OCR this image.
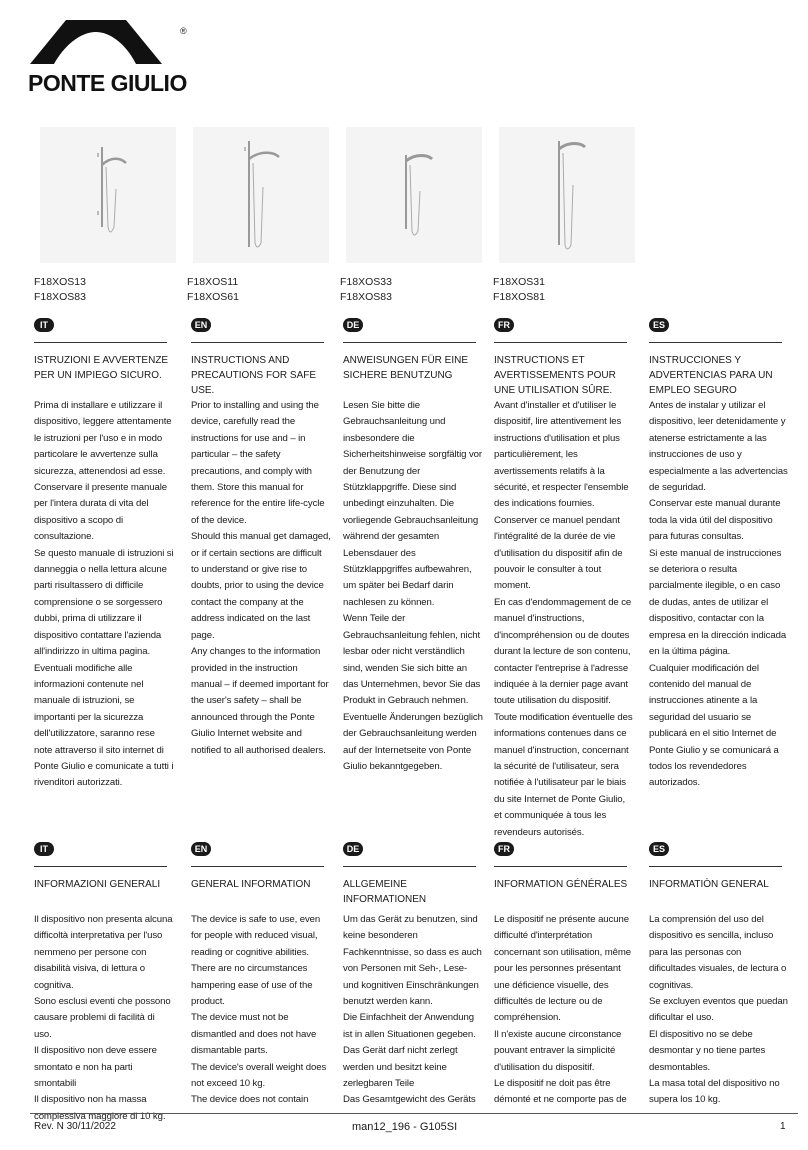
®
PONTE GIULIO
F18XOS13
F18XOS83
F18XOS11
F18XOS61
F18XOS33
F18XOS83
F18XOS31
F18XOS81
IT
ISTRUZIONI E AVVERTENZE PER UN IMPIEGO SICURO.

Prima di installare e utilizzare il dispositivo, leggere attentamente le istruzioni per l'uso e in modo particolare le avvertenze sulla sicurezza, attenendosi ad esse. Conservare il presente manuale per l'intera durata di vita del dispositivo a scopo di consultazione.

Se questo manuale di istruzioni si danneggia o nella lettura alcune parti risultassero di difficile comprensione o se sorgessero dubbi, prima di utilizzare il dispositivo contattare l'azienda all'indirizzo in ultima pagina.

Eventuali modifiche alle informazioni contenute nel manuale di istruzioni, se importanti per la sicurezza dell'utilizzatore, saranno rese note attraverso il sito internet di Ponte Giulio e comunicate a tutti i rivenditori autorizzati.

EN
INSTRUCTIONS AND PRECAUTIONS FOR SAFE USE.

Prior to installing and using the device, carefully read the instructions for use and – in particular – the safety precautions, and comply with them. Store this manual for reference for the entire life-cycle of the device.

Should this manual get damaged, or if certain sections are difficult to understand or give rise to doubts, prior to using the device contact the company at the address indicated on the last page.

Any changes to the information provided in the instruction manual – if deemed important for the user's safety – shall be announced through the Ponte Giulio Internet website and notified to all authorised dealers.

DE
ANWEISUNGEN FÜR EINE SICHERE BENUTZUNG

Lesen Sie bitte die Gebrauchsanleitung und insbesondere die Sicherheitshinweise sorgfältig vor der Benutzung der Stützklappgriffe. Diese sind unbedingt einzuhalten. Die vorliegende Gebrauchsanleitung während der gesamten Lebensdauer des Stützklappgriffes aufbewahren, um später bei Bedarf darin nachlesen zu können.

Wenn Teile der Gebrauchsanleitung fehlen, nicht lesbar oder nicht verständlich sind, wenden Sie sich bitte an das Unternehmen, bevor Sie das Produkt in Gebrauch nehmen.

Eventuelle Änderungen bezüglich der Gebrauchsanleitung werden auf der Internetseite von Ponte Giulio bekanntgegeben.

FR
INSTRUCTIONS ET AVERTISSEMENTS POUR UNE UTILISATION SÛRE.

Avant d'installer et d'utiliser le dispositif, lire attentivement les instructions d'utilisation et plus particulièrement, les avertissements relatifs à la sécurité, et respecter l'ensemble des indications fournies.

Conserver ce manuel pendant l'intégralité de la durée de vie d'utilisation du dispositif afin de pouvoir le consulter à tout moment.

En cas d'endommagement de ce manuel d'instructions, d'incompréhension ou de doutes durant la lecture de son contenu, contacter l'entreprise à l'adresse indiquée à la dernier page avant toute utilisation du dispositif.

Toute modification éventuelle des informations contenues dans ce manuel d'instruction, concernant la sécurité de l'utilisateur, sera notifiée à l'utilisateur par le biais du site Internet de Ponte Giulio, et communiquée à tous les revendeurs autorisés.

ES
INSTRUCCIONES Y ADVERTENCIAS PARA UN EMPLEO SEGURO

Antes de instalar y utilizar el dispositivo, leer detenidamente y atenerse estrictamente a las instrucciones de uso y especialmente a las advertencias de seguridad.

Conservar este manual durante toda la vida útil del dispositivo para futuras consultas.

Si este manual de instrucciones se deteriora o resulta parcialmente ilegible, o en caso de dudas, antes de utilizar el dispositivo, contactar con la empresa en la dirección indicada en la última página.

Cualquier modificación del contenido del manual de instrucciones atinente a la seguridad del usuario se publicará en el sitio Internet de Ponte Giulio y se comunicará a todos los revendedores autorizados.

IT
INFORMAZIONI GENERALI

Il dispositivo non presenta alcuna difficoltà interpretativa per l'uso nemmeno per persone con disabilità visiva, di lettura o cognitiva.

Sono esclusi eventi che possono causare problemi di facilità di uso.

Il dispositivo non deve essere smontato e non ha parti smontabili

Il dispositivo non ha massa complessiva maggiore di 10 kg.

EN
GENERAL INFORMATION

The device is safe to use, even for people with reduced visual, reading or cognitive abilities.

There are no circumstances hampering ease of use of the product.

The device must not be dismantled and does not have dismantable parts.

The device's overall weight does not exceed 10 kg.

The device does not contain

DE
ALLGEMEINE INFORMATIONEN

Um das Gerät zu benutzen, sind keine besonderen Fachkenntnisse, so dass es auch von Personen mit Seh-, Lese- und kognitiven Einschränkungen benutzt werden kann.

Die Einfachheit der Anwendung ist in allen Situationen gegeben.

Das Gerät darf nicht zerlegt werden und besitzt keine zerlegbaren Teile

Das Gesamtgewicht des Geräts

FR
INFORMATION GÉNÉRALES

Le dispositif ne présente aucune difficulté d'interprétation concernant son utilisation, même pour les personnes présentant une déficience visuelle, des difficultés de lecture ou de compréhension.

Il n'existe aucune circonstance pouvant entraver la simplicité d'utilisation du dispositif.

Le dispositif ne doit pas être démonté et ne comporte pas de

ES
INFORMATIÒN GENERAL

La comprensión del uso del dispositivo es sencilla, incluso para las personas con dificultades visuales, de lectura o cognitivas.

Se excluyen eventos que puedan dificultar el uso.

El dispositivo no se debe desmontar y no tiene partes desmontables.

La masa total del dispositivo no supera los 10 kg.

Rev. N 30/11/2022	man12_196 - G105SI	1
